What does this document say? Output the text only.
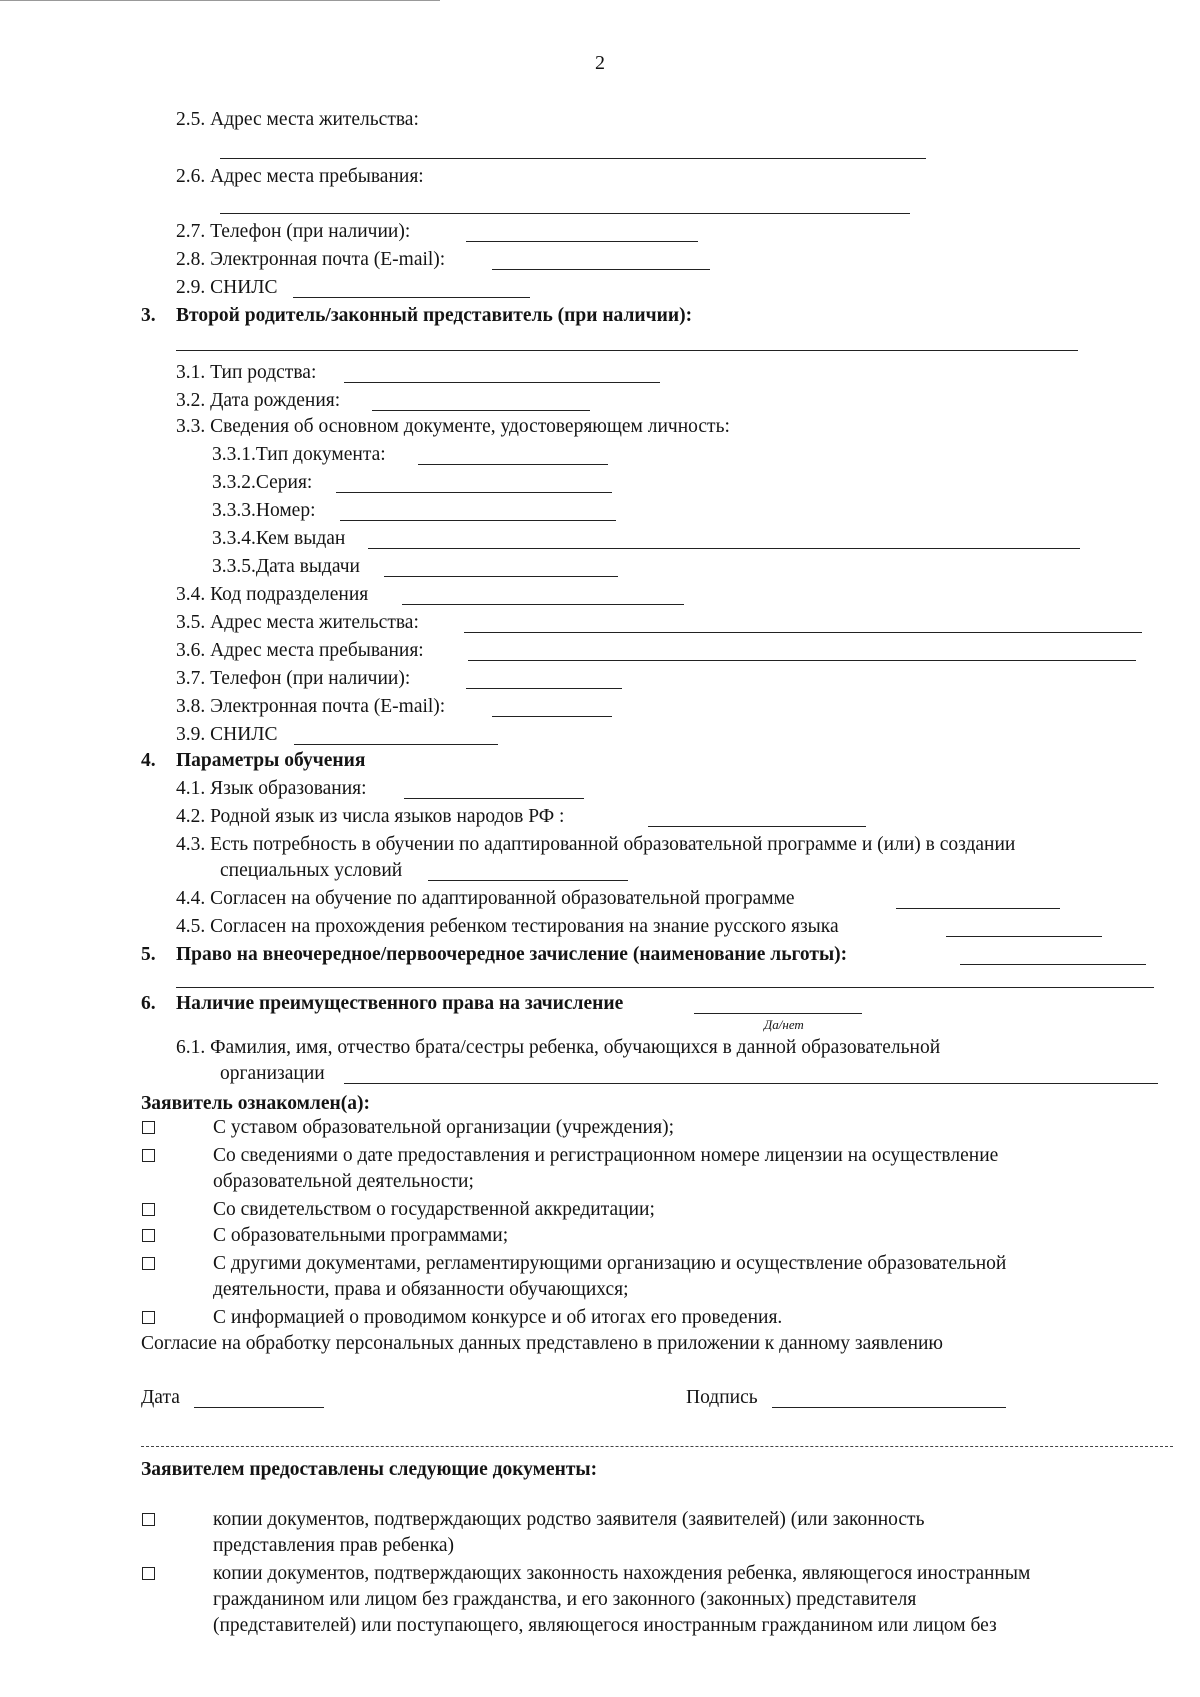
2
2.5. Адрес места жительства:
2.6. Адрес места пребывания:
2.7. Телефон (при наличии):
2.8. Электронная почта (E-mail):
2.9. СНИЛС
3. Второй родитель/законный представитель (при наличии):
3.1. Тип родства:
3.2. Дата рождения:
3.3. Сведения об основном документе, удостоверяющем личность:
3.3.1.Тип документа:
3.3.2.Серия:
3.3.3.Номер:
3.3.4.Кем выдан
3.3.5.Дата выдачи
3.4. Код подразделения
3.5. Адрес места жительства:
3.6. Адрес места пребывания:
3.7. Телефон (при наличии):
3.8. Электронная почта (E-mail):
3.9. СНИЛС
4. Параметры обучения
4.1. Язык образования:
4.2. Родной язык из числа языков народов РФ :
4.3. Есть потребность в обучении по адаптированной образовательной программе и (или) в создании
специальных условий
4.4. Согласен на обучение по адаптированной образовательной программе
4.5. Согласен на прохождения ребенком тестирования на знание русского языка
5. Право на внеочередное/первоочередное зачисление (наименование льготы):
6. Наличие преимущественного права на зачисление
Да/нет
6.1. Фамилия, имя, отчество брата/сестры ребенка, обучающихся в данной образовательной
организации
Заявитель ознакомлен(а):
С уставом образовательной организации (учреждения);
Со сведениями о дате предоставления и регистрационном номере лицензии на осуществление
образовательной деятельности;
Со свидетельством о государственной аккредитации;
С образовательными программами;
С другими документами, регламентирующими организацию и осуществление образовательной
деятельности, права и обязанности обучающихся;
С информацией о проводимом конкурсе и об итогах его проведения.
Согласие на обработку персональных данных представлено в приложении к данному заявлению
Дата	Подпись
Заявителем предоставлены следующие документы:
копии документов, подтверждающих родство заявителя (заявителей) (или законность
представления прав ребенка)
копии документов, подтверждающих законность нахождения ребенка, являющегося иностранным
гражданином или лицом без гражданства, и его законного (законных) представителя
(представителей) или поступающего, являющегося иностранным гражданином или лицом без
